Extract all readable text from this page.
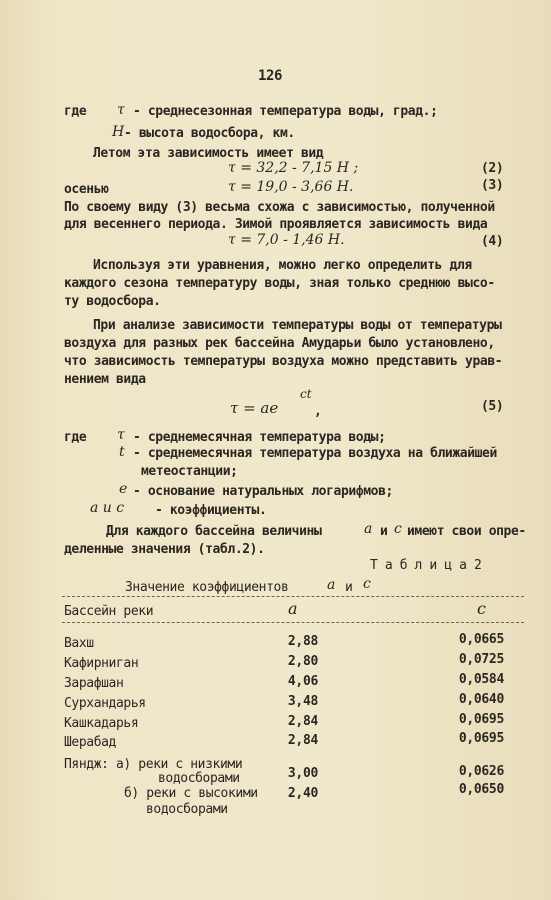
126
где τ - среднесезонная температура воды, град.;
H - высота водосбора, км.
Летом эта зависимость имеет вид
τ = 32,2 - 7,15 H ;	(2)
осенью	τ = 19,0 - 3,66 H.	(3)
По своему виду (3) весьма схожа с зависимостью, полученной
для весеннего периода. Зимой проявляется зависимость вида
τ = 7,0 - 1,46 H.	(4)
Используя эти уравнения, можно легко определить для
каждого сезона температуру воды, зная только среднюю высо-
ту водосбора.
При анализе зависимости температуры воды от температуры
воздуха для разных рек бассейна Амударьи было установлено,
что зависимость температуры воздуха можно представить урав-
нением вида
τ = ae
ct
,	(5)
где τ - среднемесячная температура воды;
t - среднемесячная температура воздуха на ближайшей
метеостанции;
e - основание натуральных логарифмов;
a и c - коэффициенты.
Для каждого бассейна величины	a и c имеют свои опре-
деленные значения (табл.2).
Т а б л и ц а 2
Значение коэффициентов	a и c
Бассейн реки	a	c
Вахш	2,88	0,0665
Кафирниган	2,80	0,0725
Зарафшан	4,06	0,0584
Сурхандарья	3,48	0,0640
Кашкадарья	2,84	0,0695
Шерабад	2,84	0,0695
Пяндж: а) реки с низкими
водосборами	3,00	0,0626
б) реки с высокими
водосборами
2,40	0,0650
